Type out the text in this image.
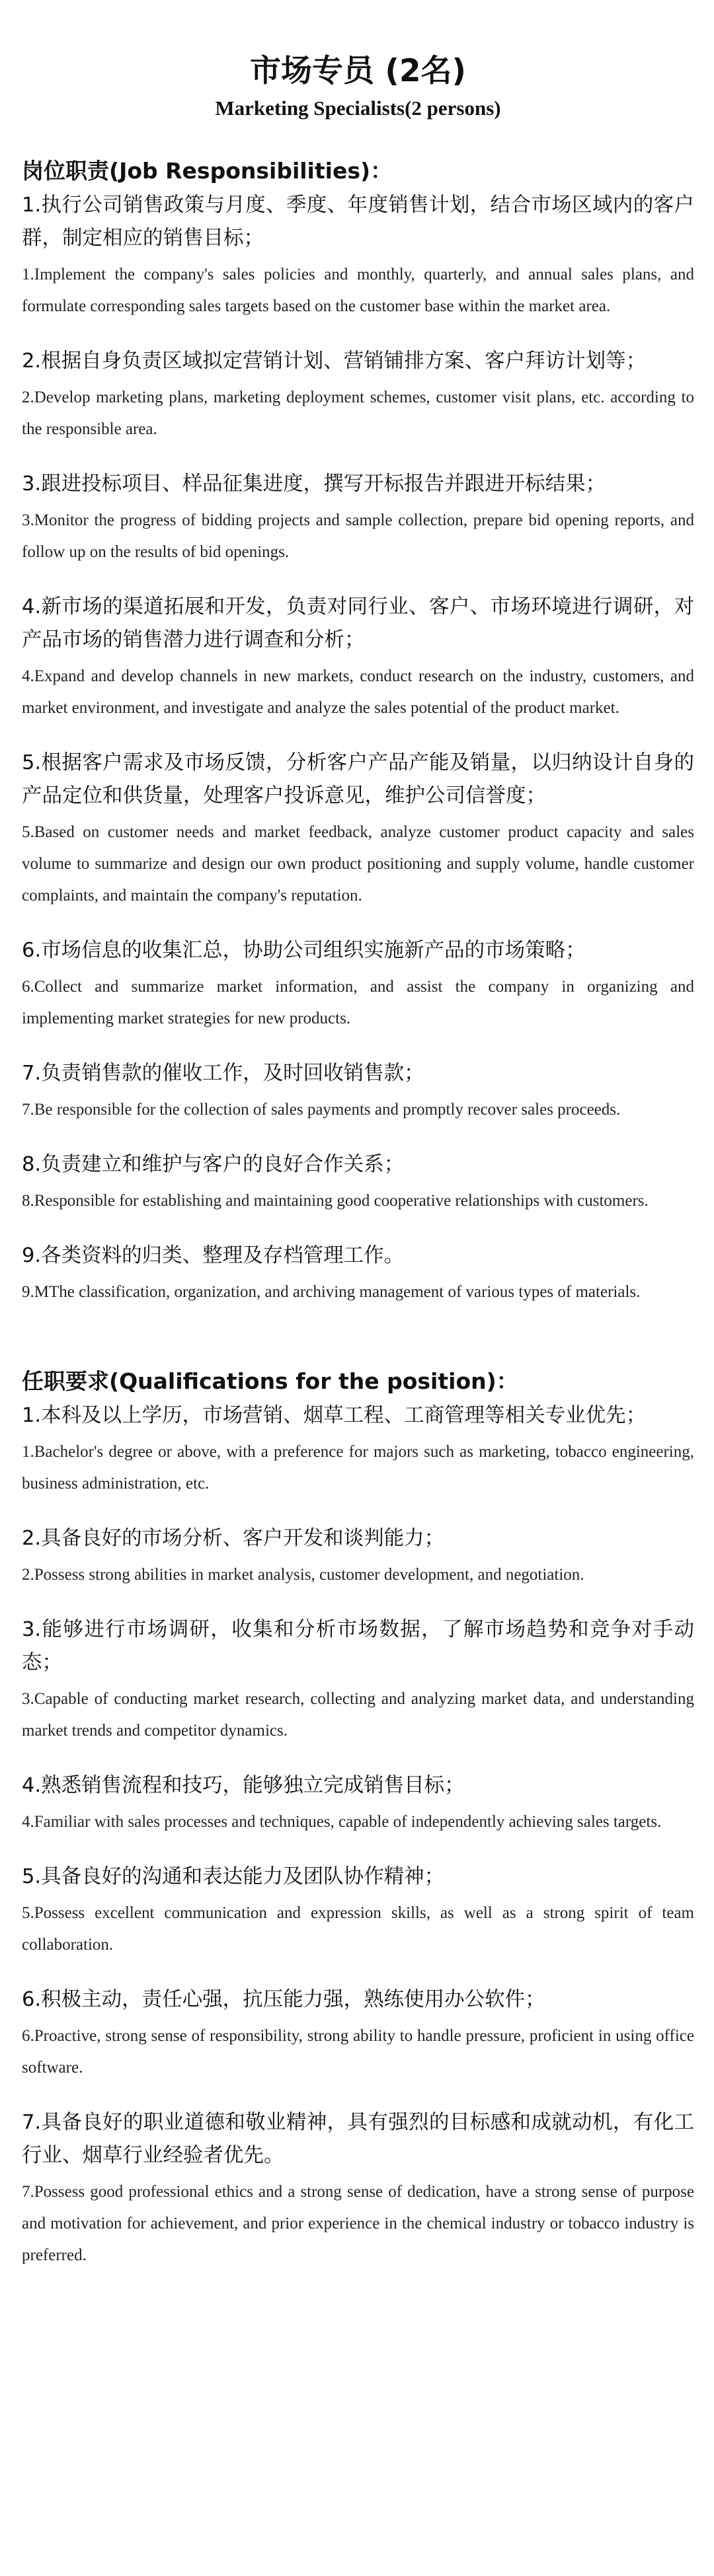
市场专员 (2名)
Marketing Specialists(2 persons)
岗位职责(Job Responsibilities)：
1.执行公司销售政策与月度、季度、年度销售计划，结合市场区域内的客户群，制定相应的销售目标；
1.Implement the company's sales policies and monthly, quarterly, and annual sales plans, and formulate corresponding sales targets based on the customer base within the market area.
2.根据自身负责区域拟定营销计划、营销铺排方案、客户拜访计划等；
2.Develop marketing plans, marketing deployment schemes, customer visit plans, etc. according to the responsible area.
3.跟进投标项目、样品征集进度，撰写开标报告并跟进开标结果；
3.Monitor the progress of bidding projects and sample collection, prepare bid opening reports, and follow up on the results of bid openings.
4.新市场的渠道拓展和开发，负责对同行业、客户、市场环境进行调研，对产品市场的销售潜力进行调查和分析；
4.Expand and develop channels in new markets, conduct research on the industry, customers, and market environment, and investigate and analyze the sales potential of the product market.
5.根据客户需求及市场反馈，分析客户产品产能及销量，以归纳设计自身的产品定位和供货量，处理客户投诉意见，维护公司信誉度；
5.Based on customer needs and market feedback, analyze customer product capacity and sales volume to summarize and design our own product positioning and supply volume, handle customer complaints, and maintain the company's reputation.
6.市场信息的收集汇总，协助公司组织实施新产品的市场策略；
6.Collect and summarize market information, and assist the company in organizing and implementing market strategies for new products.
7.负责销售款的催收工作，及时回收销售款；
7.Be responsible for the collection of sales payments and promptly recover sales proceeds.
8.负责建立和维护与客户的良好合作关系；
8.Responsible for establishing and maintaining good cooperative relationships with customers.
9.各类资料的归类、整理及存档管理工作。
9.MThe classification, organization, and archiving management of various types of materials.
任职要求(Qualifications for the position)：
1.本科及以上学历，市场营销、烟草工程、工商管理等相关专业优先；
1.Bachelor's degree or above, with a preference for majors such as marketing, tobacco engineering, business administration, etc.
2.具备良好的市场分析、客户开发和谈判能力；
2.Possess strong abilities in market analysis, customer development, and negotiation.
3.能够进行市场调研，收集和分析市场数据，了解市场趋势和竞争对手动态；
3.Capable of conducting market research, collecting and analyzing market data, and understanding market trends and competitor dynamics.
4.熟悉销售流程和技巧，能够独立完成销售目标；
4.Familiar with sales processes and techniques, capable of independently achieving sales targets.
5.具备良好的沟通和表达能力及团队协作精神；
5.Possess excellent communication and expression skills, as well as a strong spirit of team collaboration.
6.积极主动，责任心强，抗压能力强，熟练使用办公软件；
6.Proactive, strong sense of responsibility, strong ability to handle pressure, proficient in using office software.
7.具备良好的职业道德和敬业精神，具有强烈的目标感和成就动机，有化工行业、烟草行业经验者优先。
7.Possess good professional ethics and a strong sense of dedication, have a strong sense of purpose and motivation for achievement, and prior experience in the chemical industry or tobacco industry is preferred.
